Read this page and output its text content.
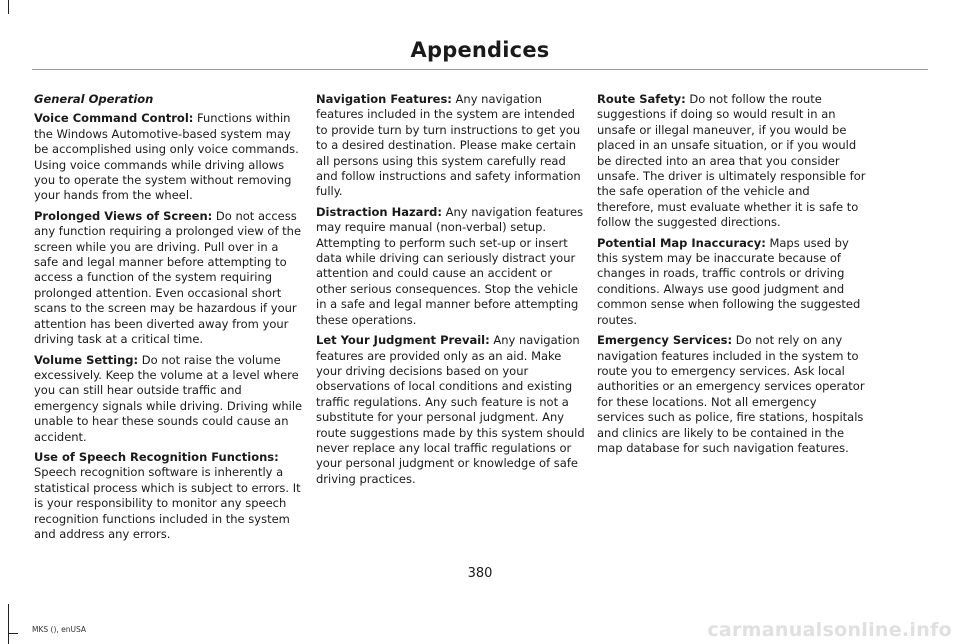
Appendices

General Operation

Voice Command Control: Functions within the Windows Automotive-based system may be accomplished using only voice commands. Using voice commands while driving allows you to operate the system without removing your hands from the wheel.

Prolonged Views of Screen: Do not access any function requiring a prolonged view of the screen while you are driving. Pull over in a safe and legal manner before attempting to access a function of the system requiring prolonged attention. Even occasional short scans to the screen may be hazardous if your attention has been diverted away from your driving task at a critical time.

Volume Setting: Do not raise the volume excessively. Keep the volume at a level where you can still hear outside traffic and emergency signals while driving. Driving while unable to hear these sounds could cause an accident.

Use of Speech Recognition Functions: Speech recognition software is inherently a statistical process which is subject to errors. It is your responsibility to monitor any speech recognition functions included in the system and address any errors.

Navigation Features: Any navigation features included in the system are intended to provide turn by turn instructions to get you to a desired destination. Please make certain all persons using this system carefully read and follow instructions and safety information fully.

Distraction Hazard: Any navigation features may require manual (non-verbal) setup. Attempting to perform such set-up or insert data while driving can seriously distract your attention and could cause an accident or other serious consequences. Stop the vehicle in a safe and legal manner before attempting these operations.

Let Your Judgment Prevail: Any navigation features are provided only as an aid. Make your driving decisions based on your observations of local conditions and existing traffic regulations. Any such feature is not a substitute for your personal judgment. Any route suggestions made by this system should never replace any local traffic regulations or your personal judgment or knowledge of safe driving practices.

Route Safety: Do not follow the route suggestions if doing so would result in an unsafe or illegal maneuver, if you would be placed in an unsafe situation, or if you would be directed into an area that you consider unsafe. The driver is ultimately responsible for the safe operation of the vehicle and therefore, must evaluate whether it is safe to follow the suggested directions.

Potential Map Inaccuracy: Maps used by this system may be inaccurate because of changes in roads, traffic controls or driving conditions. Always use good judgment and common sense when following the suggested routes.

Emergency Services: Do not rely on any navigation features included in the system to route you to emergency services. Ask local authorities or an emergency services operator for these locations. Not all emergency services such as police, fire stations, hospitals and clinics are likely to be contained in the map database for such navigation features.

380
MKS (), enUSA	carmanualsonline.info
